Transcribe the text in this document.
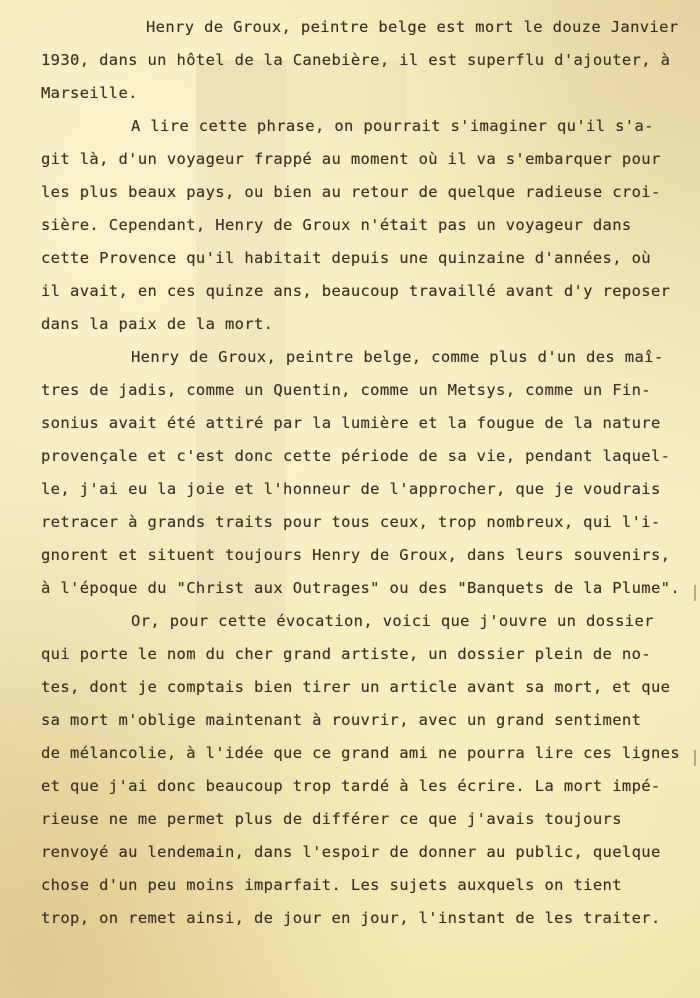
Henry de Groux, peintre belge est mort le douze Janvier
1930, dans un hôtel de la Canebière, il est superflu d'ajouter, à
Marseille.
A lire cette phrase, on pourrait s'imaginer qu'il s'a-
git là, d'un voyageur frappé au moment où il va s'embarquer pour
les plus beaux pays, ou bien au retour de quelque radieuse croi-
sière. Cependant, Henry de Groux n'était pas un voyageur dans
cette Provence qu'il habitait depuis une quinzaine d'années, où
il avait, en ces quinze ans, beaucoup travaillé avant d'y reposer
dans la paix de la mort.
Henry de Groux, peintre belge, comme plus d'un des maî-
tres de jadis, comme un Quentin, comme un Metsys, comme un Fin-
sonius avait été attiré par la lumière et la fougue de la nature
provençale et c'est donc cette période de sa vie, pendant laquel-
le, j'ai eu la joie et l'honneur de l'approcher, que je voudrais
retracer à grands traits pour tous ceux, trop nombreux, qui l'i-
gnorent et situent toujours Henry de Groux, dans leurs souvenirs,
à l'époque du "Christ aux Outrages" ou des "Banquets de la Plume".
Or, pour cette évocation, voici que j'ouvre un dossier
qui porte le nom du cher grand artiste, un dossier plein de no-
tes, dont je comptais bien tirer un article avant sa mort, et que
sa mort m'oblige maintenant à rouvrir, avec un grand sentiment
de mélancolie, à l'idée que ce grand ami ne pourra lire ces lignes
et que j'ai donc beaucoup trop tardé à les écrire. La mort impé-
rieuse ne me permet plus de différer ce que j'avais toujours
renvoyé au lendemain, dans l'espoir de donner au public, quelque
chose d'un peu moins imparfait. Les sujets auxquels on tient
trop, on remet ainsi, de jour en jour, l'instant de les traiter.
